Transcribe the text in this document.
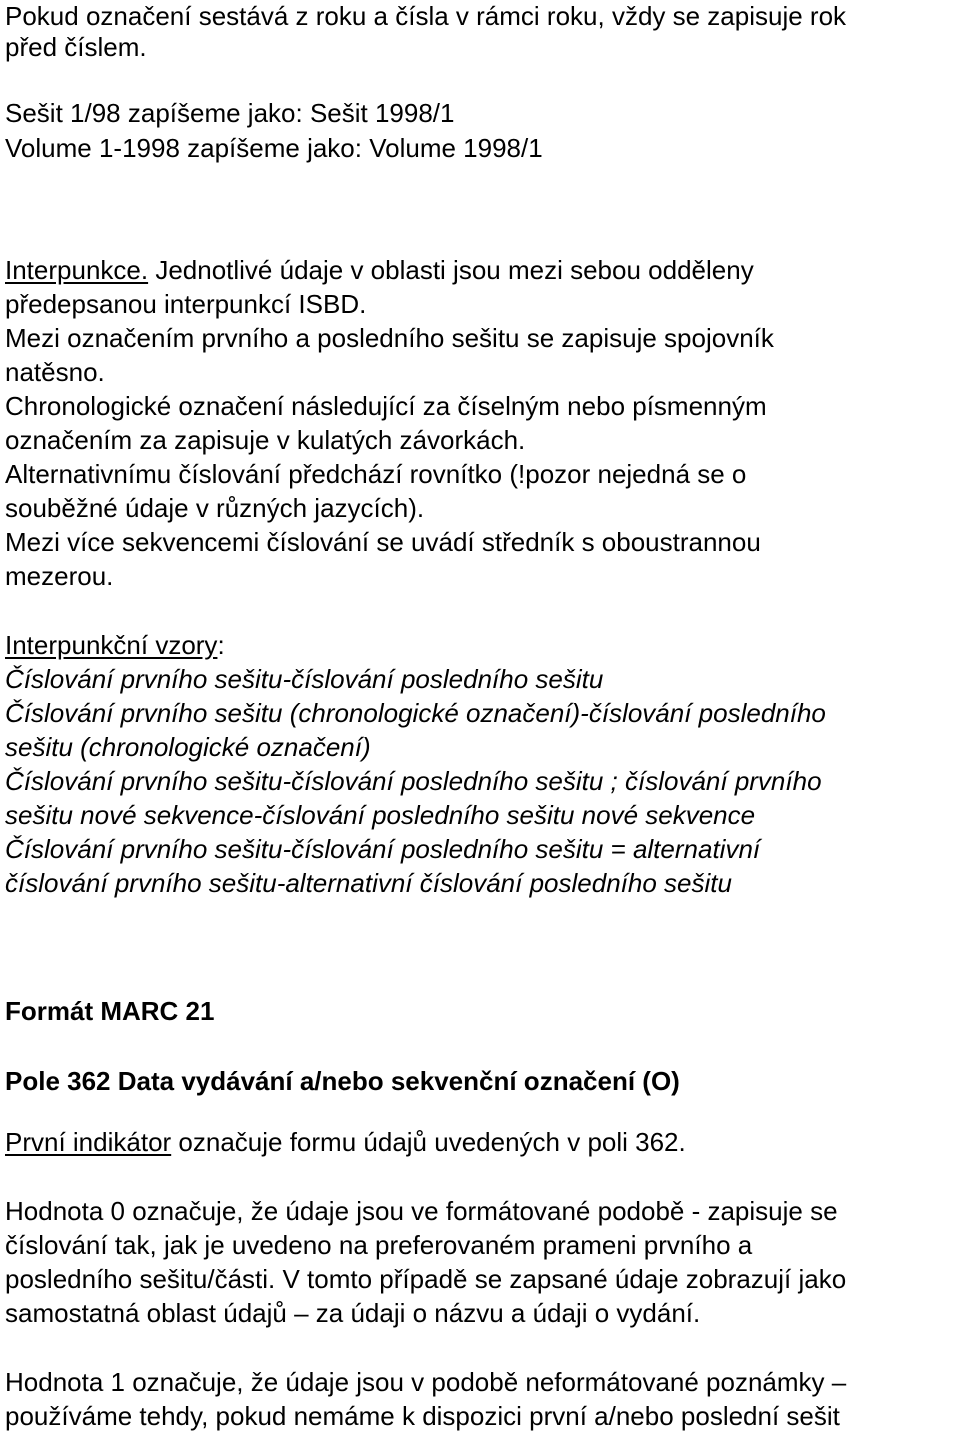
Pokud označení sestává z roku a čísla v rámci roku, vždy se zapisuje rok
před číslem.
Sešit 1/98 zapíšeme jako: Sešit 1998/1
Volume 1-1998 zapíšeme jako: Volume 1998/1
Interpunkce. Jednotlivé údaje v oblasti jsou mezi sebou odděleny
předepsanou interpunkcí ISBD.
Mezi označením prvního a posledního sešitu se zapisuje spojovník
natěsno.
Chronologické označení následující za číselným nebo písmenným
označením za zapisuje v kulatých závorkách.
Alternativnímu číslování předchází rovnítko (!pozor nejedná se o
souběžné údaje v různých jazycích).
Mezi více sekvencemi číslování se uvádí středník s oboustrannou
mezerou.
Interpunkční vzory:
Číslování prvního sešitu-číslování posledního sešitu
Číslování prvního sešitu (chronologické označení)-číslování posledního
sešitu (chronologické označení)
Číslování prvního sešitu-číslování posledního sešitu ; číslování prvního
sešitu nové sekvence-číslování posledního sešitu nové sekvence
Číslování prvního sešitu-číslování posledního sešitu = alternativní
číslování prvního sešitu-alternativní číslování posledního sešitu
Formát MARC 21
Pole 362 Data vydávání a/nebo sekvenční označení (O)
První indikátor označuje formu údajů uvedených v poli 362.
Hodnota 0 označuje, že údaje jsou ve formátované podobě - zapisuje se
číslování tak, jak je uvedeno na preferovaném prameni prvního a
posledního sešitu/části. V tomto případě se zapsané údaje zobrazují jako
samostatná oblast údajů – za údaji o názvu a údaji o vydání.
Hodnota 1 označuje, že údaje jsou v podobě neformátované poznámky –
používáme tehdy, pokud nemáme k dispozici první a/nebo poslední sešit
